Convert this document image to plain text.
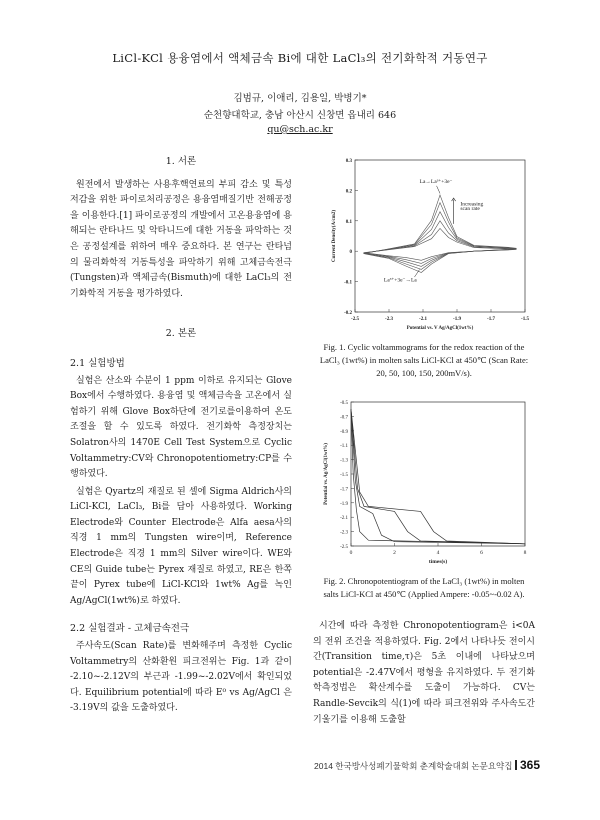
LiCl-KCl 용융염에서 액체금속 Bi에 대한 LaCl₃의 전기화학적 거동연구
김범규, 이애리, 김용일, 박병기*
순천향대학교, 충남 아산시 신창면 읍내리 646
qu@sch.ac.kr
1. 서론

원전에서 발생하는 사용후핵연료의 부피 감소 및 특성저감을 위한 파이로처리공정은 용융염매질기반 전해공정을 이용한다.[1] 파이로공정의 개발에서 고온용융염에 용해되는 란타나드 및 악타니드에 대한 거동을 파악하는 것은 공정설계를 위하여 매우 중요하다. 본 연구는 란타넘의 물리화학적 거동특성을 파악하기 위해 고체금속전극(Tungsten)과 액체금속(Bismuth)에 대한 LaCl₃의 전기화학적 거동을 평가하였다.

2. 본론
2.1 실험방법

실험은 산소와 수분이 1 ppm 이하로 유지되는 Glove Box에서 수행하였다. 용융염 및 액체금속을 고온에서 실험하기 위해 Glove Box하단에 전기로를이용하여 온도 조절을 할 수 있도록 하였다. 전기화학 측정장치는 Solatron사의 1470E Cell Test System으로 Cyclic Voltammetry:CV와 Chronopotentiometry:CP를 수행하였다.

실험은 Qyartz의 재질로 된 셀에 Sigma Aldrich사의 LiCl-KCl, LaCl₃, Bi를 담아 사용하였다. Working Electrode와 Counter Electrode은 Alfa aesa사의 직경 1 mm의 Tungsten wire이며, Reference Electrode은 직경 1 mm의 Silver wire이다. WE와 CE의 Guide tube는 Pyrex 재질로 하였고, RE은 한쪽 끝이 Pyrex tube에 LiCl-KCl와 1wt% Ag를 녹인 Ag/AgCl(1wt%)로 하였다.

2.2 실험결과 - 고체금속전극

주사속도(Scan Rate)를 변화해주며 측정한 Cyclic Voltammetry의 산화환원 피크전위는 Fig. 1과 같이 -2.10~-2.12V의 부근과 -1.99~-2.02V에서 확인되었다. Equilibrium potential에 따라 E⁰ vs Ag/AgCl 은 -3.19V의 값을 도출하였다.

-2.5	-2.3	-2.1	-1.9	-1.7	-1.5
0.3
0.2
0.1
0
-0.1
-0.2
Potential vs. V Ag/AgCl(1wt%)
Current Density(A/cm2)
La→La³⁺+3e⁻
La³⁺+3e⁻→La
Increasing
scan rate
Fig. 1. Cyclic voltammograms for the redox reaction of the LaCl₃ (1wt%) in molten salts LiCl-KCl at 450℃ (Scan Rate: 20, 50, 100, 150, 200mV/s).
0	2	4	6	8
-0.5
-0.7
-0.9
-1.1
-1.3
-1.5
-1.7
-1.9
-2.1
-2.3
-2.5
times(s)
Potential vs. Ag/AgCl(1wt%)
Fig. 2. Chronopotentiogram of the LaCl₃ (1wt%) in molten salts LiCl-KCl at 450℃ (Applied Ampere: -0.05~-0.02 A).

시간에 따라 측정한 Chronopotentiogram은 i<0A의 전위 조건을 적용하였다. Fig. 2에서 나타나듯 전이시간(Transition time,τ)은 5초 이내에 나타났으며 potential은 -2.47V에서 평형을 유지하였다. 두 전기화학측정법은 확산계수를 도출이 가능하다. CV는 Randle-Sevcik의 식(1)에 따라 피크전위와 주사속도간 기울기를 이용해 도출할

2014 한국방사성폐기물학회 춘계학술대회 논문요약집 365
